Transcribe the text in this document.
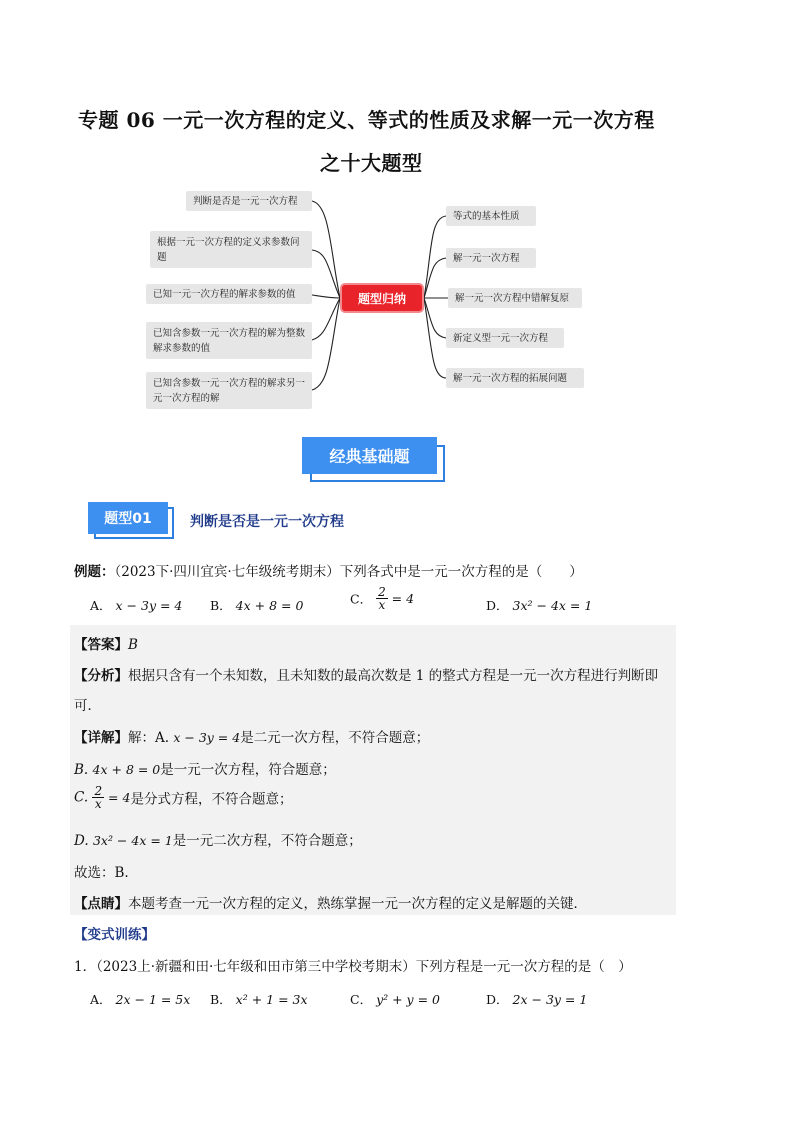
专题 06 一元一次方程的定义、等式的性质及求解一元一次方程
之十大题型
判断是否是一元一次方程
根据一元一次方程的定义求参数问题
已知一元一次方程的解求参数的值
已知含参数一元一次方程的解为整数解求参数的值
已知含参数一元一次方程的解求另一元一次方程的解
题型归纳
等式的基本性质
解一元一次方程
解一元一次方程中错解复原
新定义型一元一次方程
解一元一次方程的拓展问题
经典基础题
题型01	判断是否是一元一次方程
例题：（2023下·四川宜宾·七年级统考期末）下列各式中是一元一次方程的是（　　）
A． x − 3y = 4 B． 4x + 8 = 0	C． $\frac{2}{x} = 4$	D． 3x² − 4x = 1
【答案】B
【分析】根据只含有一个未知数，且未知数的最高次数是 1 的整式方程是一元一次方程进行判断即
可．
【详解】解：A. x − 3y = 4是二元一次方程，不符合题意；
B. 4x + 8 = 0是一元一次方程，符合题意；
C. $\frac{2}{x} = 4$是分式方程，不符合题意；
D. 3x² − 4x = 1是一元二次方程，不符合题意；
故选：B.
【点睛】本题考查一元一次方程的定义，熟练掌握一元一次方程的定义是解题的关键．
【变式训练】
1．（2023上·新疆和田·七年级和田市第三中学校考期末）下列方程是一元一次方程的是（　）
A． 2x − 1 = 5x B． x² + 1 = 3x	C． y² + y = 0	D． 2x − 3y = 1
